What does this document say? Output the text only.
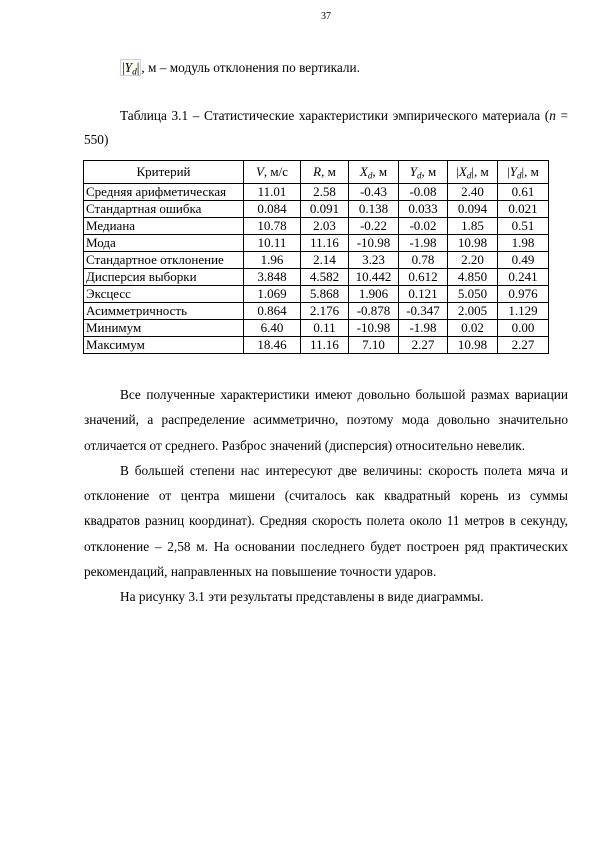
37
$|Y_d|$ , м – модуль отклонения по вертикали.

Таблица 3.1 – Статистические характеристики эмпирического материала (n = 550)

Критерий	V, м/с	R, м	$X_d$, м	$Y_d$, м	$|X_d|$, м	$|Y_d|$, м
Средняя арифметическая	11.01	2.58	-0.43	-0.08	2.40	0.61
Стандартная ошибка	0.084	0.091	0.138	0.033	0.094	0.021
Медиана	10.78	2.03	-0.22	-0.02	1.85	0.51
Мода	10.11	11.16	-10.98	-1.98	10.98	1.98
Стандартное отклонение	1.96	2.14	3.23	0.78	2.20	0.49
Дисперсия выборки	3.848	4.582	10.442	0.612	4.850	0.241
Эксцесс	1.069	5.868	1.906	0.121	5.050	0.976
Асимметричность	0.864	2.176	-0.878	-0.347	2.005	1.129
Минимум	6.40	0.11	-10.98	-1.98	0.02	0.00
Максимум	18.46	11.16	7.10	2.27	10.98	2.27

Все полученные характеристики имеют довольно большой размах вариации значений, а распределение асимметрично, поэтому мода довольно значительно отличается от среднего. Разброс значений (дисперсия) относительно невелик.

В большей степени нас интересуют две величины: скорость полета мяча и отклонение от центра мишени (считалось как квадратный корень из суммы квадратов разниц координат). Средняя скорость полета около 11 метров в секунду, отклонение – 2,58 м. На основании последнего будет построен ряд практических рекомендаций, направленных на повышение точности ударов.

На рисунку 3.1 эти результаты представлены в виде диаграммы.
